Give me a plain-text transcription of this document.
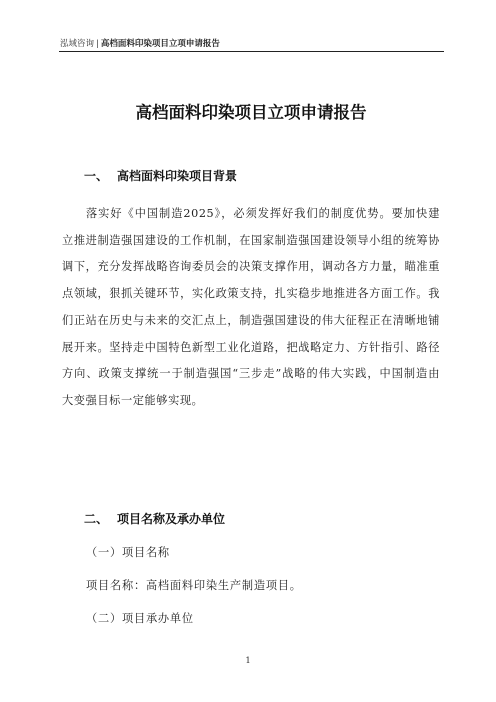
泓域咨询 | 高档面料印染项目立项申请报告
高档面料印染项目立项申请报告
一、 高档面料印染项目背景
落实好《中国制造2025》，必须发挥好我们的制度优势。要加快建立推进制造强国建设的工作机制，在国家制造强国建设领导小组的统筹协调下，充分发挥战略咨询委员会的决策支撑作用，调动各方力量，瞄准重点领域，狠抓关键环节，实化政策支持，扎实稳步地推进各方面工作。我们正站在历史与未来的交汇点上，制造强国建设的伟大征程正在清晰地铺展开来。坚持走中国特色新型工业化道路，把战略定力、方针指引、路径方向、政策支撑统一于制造强国“三步走”战略的伟大实践，中国制造由大变强目标一定能够实现。
二、 项目名称及承办单位
（一）项目名称
项目名称：高档面料印染生产制造项目。
（二）项目承办单位
1
